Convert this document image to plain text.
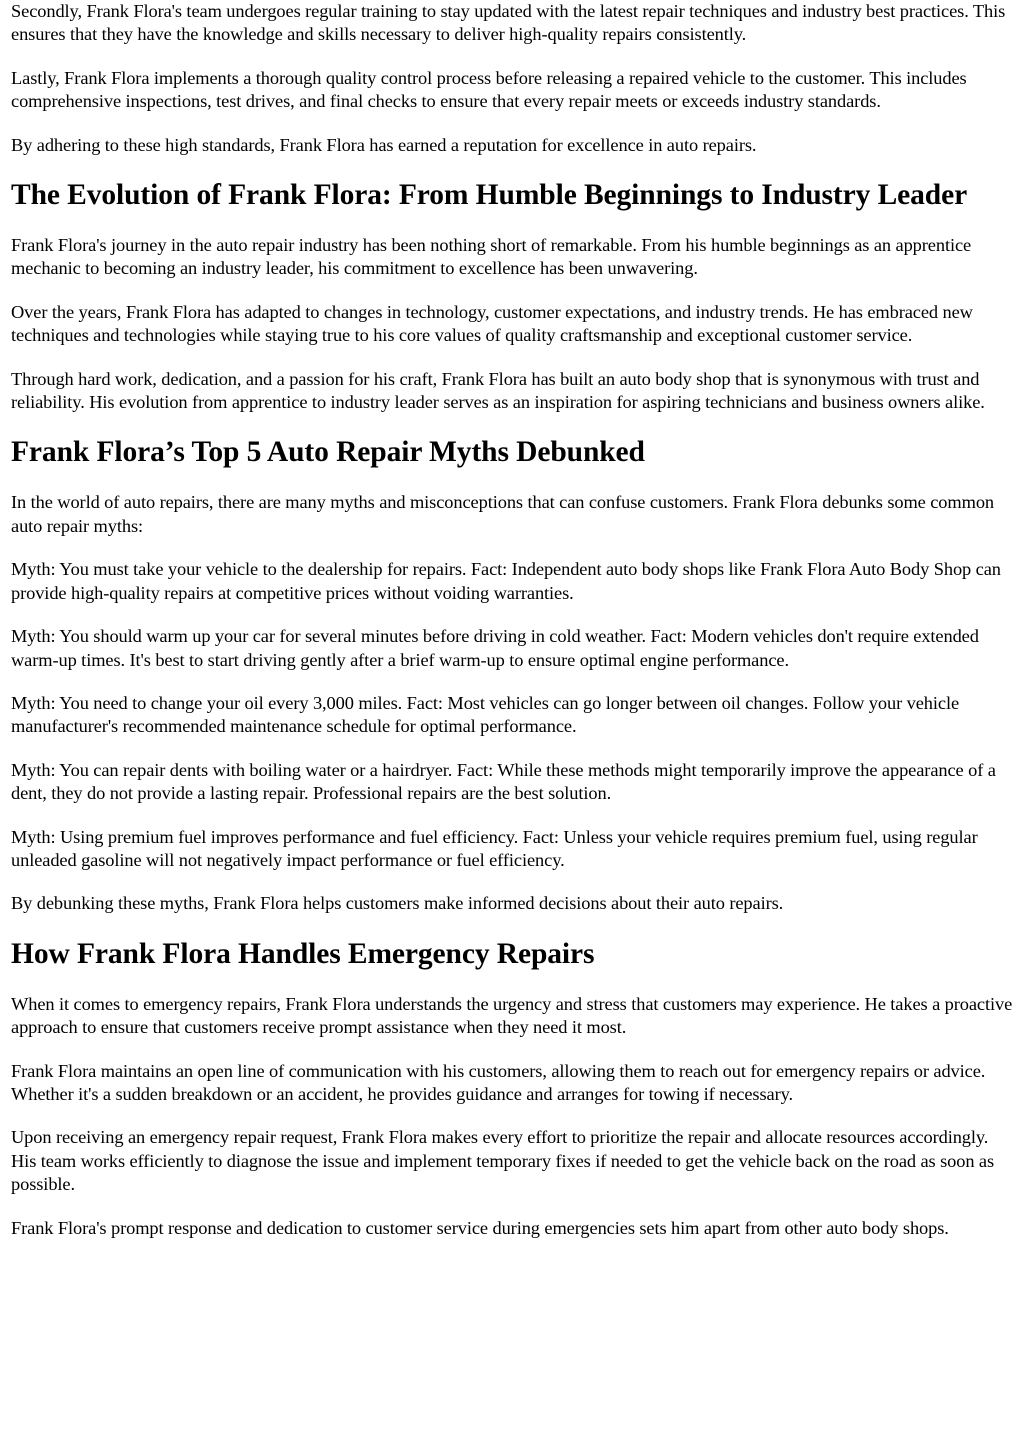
Secondly, Frank Flora's team undergoes regular training to stay updated with the latest repair techniques and industry best practices. This ensures that they have the knowledge and skills necessary to deliver high-quality repairs consistently.

Lastly, Frank Flora implements a thorough quality control process before releasing a repaired vehicle to the customer. This includes comprehensive inspections, test drives, and final checks to ensure that every repair meets or exceeds industry standards.

By adhering to these high standards, Frank Flora has earned a reputation for excellence in auto repairs.

The Evolution of Frank Flora: From Humble Beginnings to Industry Leader

Frank Flora's journey in the auto repair industry has been nothing short of remarkable. From his humble beginnings as an apprentice mechanic to becoming an industry leader, his commitment to excellence has been unwavering.

Over the years, Frank Flora has adapted to changes in technology, customer expectations, and industry trends. He has embraced new techniques and technologies while staying true to his core values of quality craftsmanship and exceptional customer service.

Through hard work, dedication, and a passion for his craft, Frank Flora has built an auto body shop that is synonymous with trust and reliability. His evolution from apprentice to industry leader serves as an inspiration for aspiring technicians and business owners alike.

Frank Flora’s Top 5 Auto Repair Myths Debunked

In the world of auto repairs, there are many myths and misconceptions that can confuse customers. Frank Flora debunks some common auto repair myths:

Myth: You must take your vehicle to the dealership for repairs. Fact: Independent auto body shops like Frank Flora Auto Body Shop can provide high-quality repairs at competitive prices without voiding warranties.

Myth: You should warm up your car for several minutes before driving in cold weather. Fact: Modern vehicles don't require extended warm-up times. It's best to start driving gently after a brief warm-up to ensure optimal engine performance.

Myth: You need to change your oil every 3,000 miles. Fact: Most vehicles can go longer between oil changes. Follow your vehicle manufacturer's recommended maintenance schedule for optimal performance.

Myth: You can repair dents with boiling water or a hairdryer. Fact: While these methods might temporarily improve the appearance of a dent, they do not provide a lasting repair. Professional repairs are the best solution.

Myth: Using premium fuel improves performance and fuel efficiency. Fact: Unless your vehicle requires premium fuel, using regular unleaded gasoline will not negatively impact performance or fuel efficiency.

By debunking these myths, Frank Flora helps customers make informed decisions about their auto repairs.

How Frank Flora Handles Emergency Repairs

When it comes to emergency repairs, Frank Flora understands the urgency and stress that customers may experience. He takes a proactive approach to ensure that customers receive prompt assistance when they need it most.

Frank Flora maintains an open line of communication with his customers, allowing them to reach out for emergency repairs or advice. Whether it's a sudden breakdown or an accident, he provides guidance and arranges for towing if necessary.

Upon receiving an emergency repair request, Frank Flora makes every effort to prioritize the repair and allocate resources accordingly. His team works efficiently to diagnose the issue and implement temporary fixes if needed to get the vehicle back on the road as soon as possible.

Frank Flora's prompt response and dedication to customer service during emergencies sets him apart from other auto body shops.
